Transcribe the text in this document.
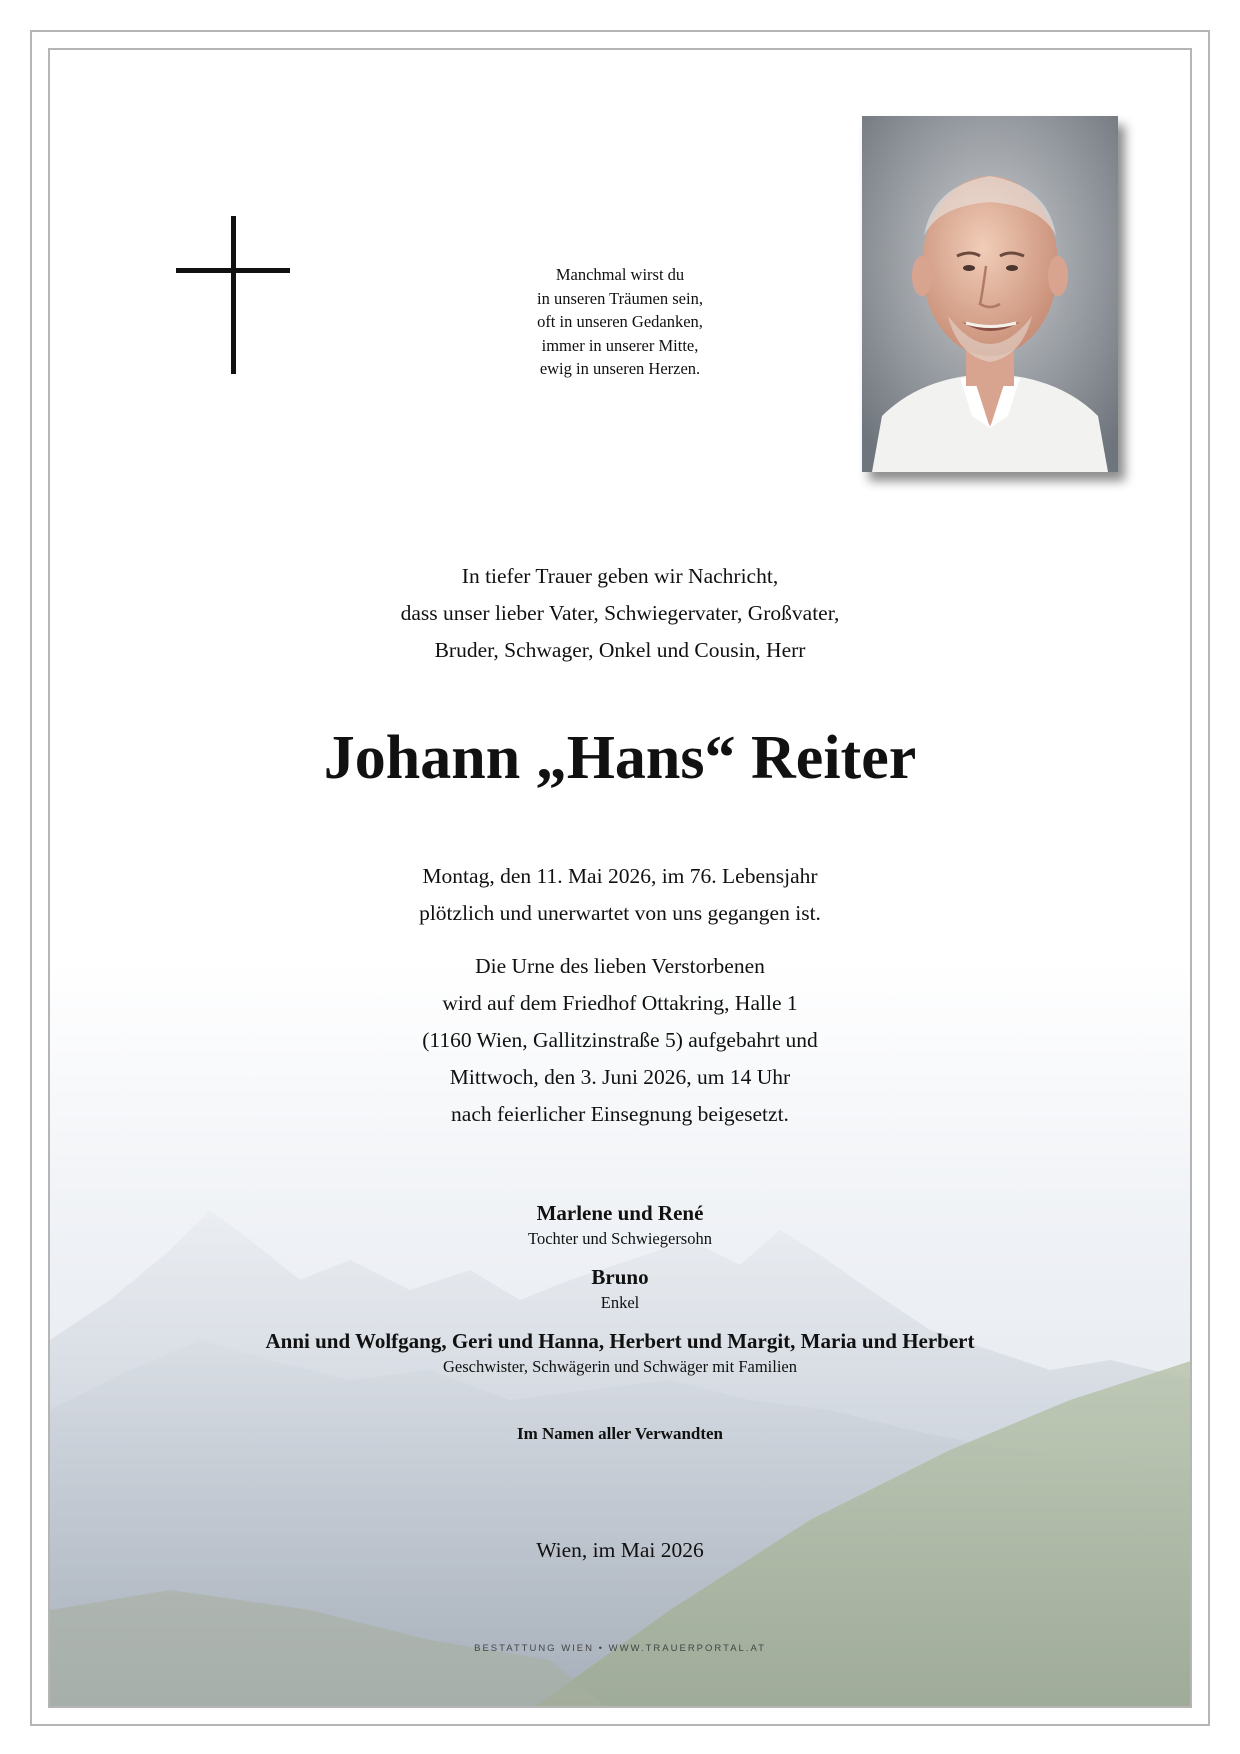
Manchmal wirst du
in unseren Träumen sein,
oft in unseren Gedanken,
immer in unserer Mitte,
ewig in unseren Herzen.
In tiefer Trauer geben wir Nachricht,
dass unser lieber Vater, Schwiegervater, Großvater,
Bruder, Schwager, Onkel und Cousin, Herr
Johann „Hans“ Reiter
Montag, den 11. Mai 2026, im 76. Lebensjahr
plötzlich und unerwartet von uns gegangen ist.
Die Urne des lieben Verstorbenen
wird auf dem Friedhof Ottakring, Halle 1
(1160 Wien, Gallitzinstraße 5) aufgebahrt und
Mittwoch, den 3. Juni 2026, um 14 Uhr
nach feierlicher Einsegnung beigesetzt.
Marlene und René
Tochter und Schwiegersohn
Bruno
Enkel
Anni und Wolfgang, Geri und Hanna, Herbert und Margit, Maria und Herbert
Geschwister, Schwägerin und Schwäger mit Familien
Im Namen aller Verwandten
Wien, im Mai 2026
BESTATTUNG WIEN • WWW.TRAUERPORTAL.AT
